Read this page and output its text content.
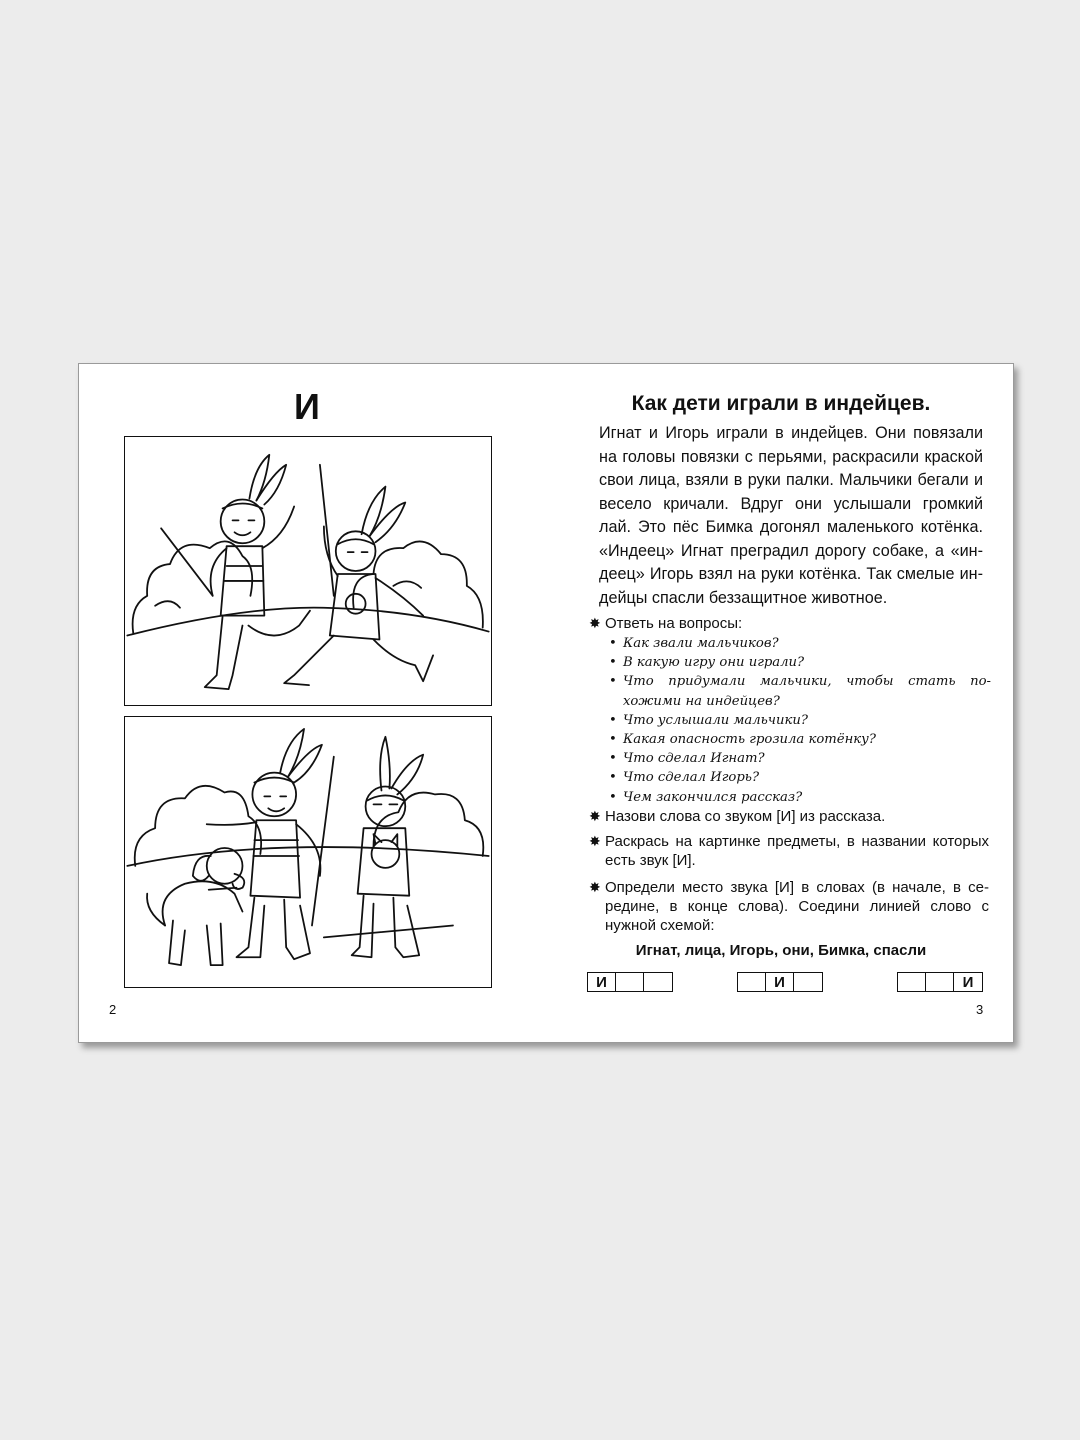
И
2
Как дети играли в индейцев.

Игнат и Игорь играли в индейцев. Они повязали на головы повязки с перьями, раскрасили краской свои лица, взяли в руки палки. Мальчики бегали и весело кричали. Вдруг они услышали громкий лай. Это пёс Бимка догонял маленького котёнка. «Индеец» Игнат преградил дорогу собаке, а «индеец» Игорь взял на руки котёнка. Так смелые индейцы спасли беззащитное животное.

✸ Ответь на вопросы:
• Как звали мальчиков?
• В какую игру они играли?
• Что придумали мальчики, чтобы стать похожими на индейцев?
• Что услышали мальчики?
• Какая опасность грозила котёнку?
• Что сделал Игнат?
• Что сделал Игорь?
• Чем закончился рассказ?
✸ Назови слова со звуком [И] из рассказа.
✸ Раскрась на картинке предметы, в названии которых есть звук [И].
✸ Определи место звука [И] в словах (в начале, в середине, в конце слова). Соедини линией слово с нужной схемой:
Игнат, лица, Игорь, они, Бимка, спасли
3
И	И	И
